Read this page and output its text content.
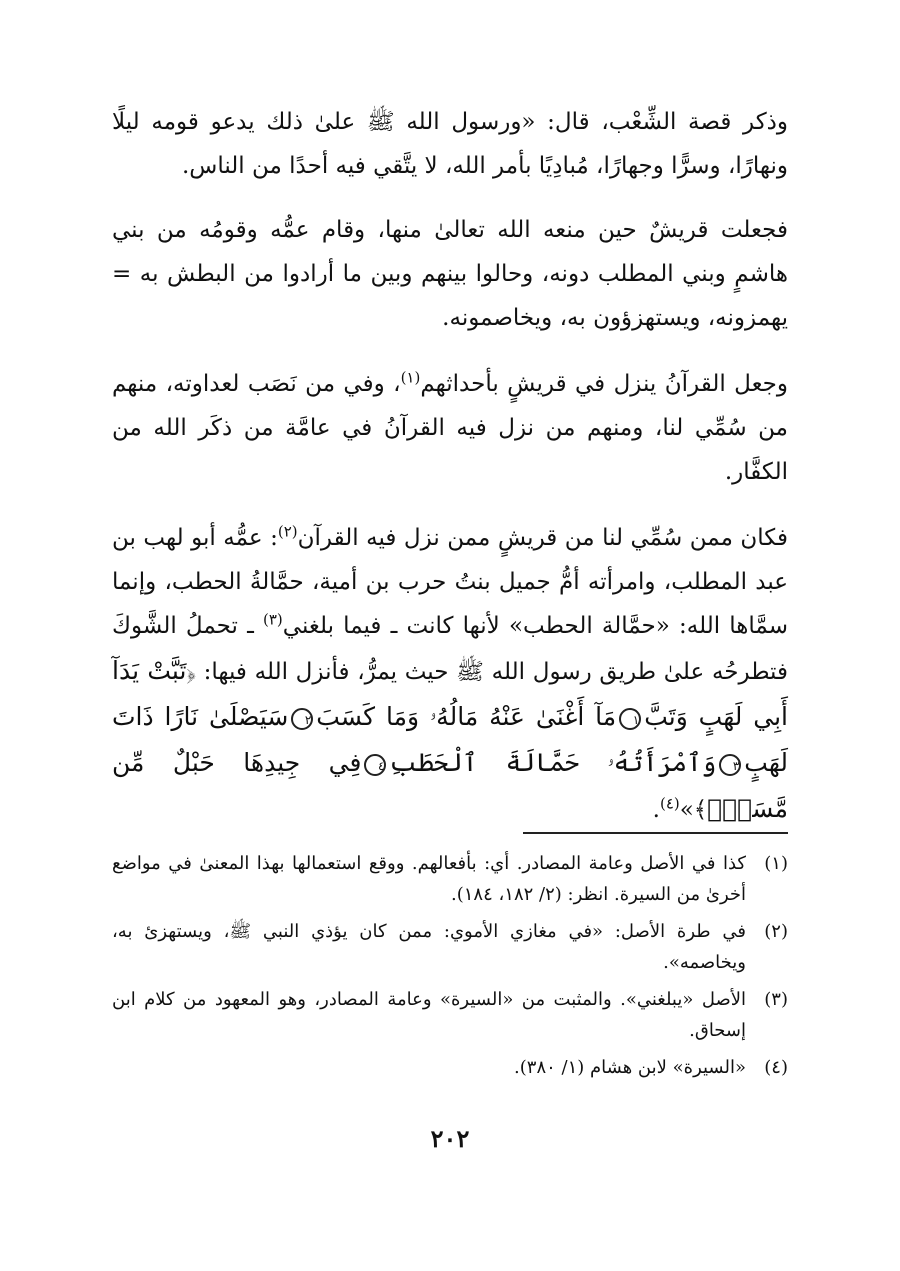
وذكر قصة الشِّعْب، قال: «ورسول الله ﷺ علىٰ ذلك يدعو قومه ليلًا ونهارًا، وسرًّا وجهارًا، مُبادِيًا بأمر الله، لا يتَّقي فيه أحدًا من الناس.

فجعلت قريشٌ حين منعه الله تعالىٰ منها، وقام عمُّه وقومُه من بني هاشمٍ وبني المطلب دونه، وحالوا بينهم وبين ما أرادوا من البطش به = يهمزونه، ويستهزؤون به، ويخاصمونه.

وجعل القرآنُ ينزل في قريشٍ بأحداثهم$^{(١)}$، وفي من نَصَب لعداوته، منهم من سُمِّي لنا، ومنهم من نزل فيه القرآنُ في عامَّة من ذكَر الله من الكفَّار.

فكان ممن سُمِّي لنا من قريشٍ ممن نزل فيه القرآن$^{(٢)}$: عمُّه أبو لهب بن عبد المطلب، وامرأته أمُّ جميل بنتُ حرب بن أمية، حمَّالةُ الحطب، وإنما سمَّاها الله: «حمَّالة الحطب» لأنها كانت ـ فيما بلغني$^{(٣)}$ ـ تحملُ الشَّوكَ فتطرحُه علىٰ طريق رسول الله ﷺ حيث يمرُّ، فأنزل الله فيها: ﴿تَبَّتْ يَدَآ أَبِي لَهَبٍ وَتَبَّ١مَآ أَغْنَىٰ عَنْهُ مَالُهُۥ وَمَا كَسَبَ٢سَيَصْلَىٰ نَارًا ذَاتَ لَهَبٍ٣وَٱمْرَأَتُهُۥ حَمَّالَةَ ٱلْحَطَبِ٤فِي جِيدِهَا حَبْلٌ مِّن مَّسَدٍۭ﴾»$^{(٤)}$.

(١)
كذا في الأصل وعامة المصادر. أي: بأفعالهم. ووقع استعمالها بهذا المعنىٰ في مواضع أخرىٰ من السيرة. انظر: (٢/ ١٨٢، ١٨٤).
(٢)
في طرة الأصل: «في مغازي الأموي: ممن كان يؤذي النبي ﷺ، ويستهزئ به، ويخاصمه».
(٣)
الأصل «يبلغني». والمثبت من «السيرة» وعامة المصادر، وهو المعهود من كلام ابن إسحاق.
(٤)
«السيرة» لابن هشام (١/ ٣٨٠).
٢٠٢
